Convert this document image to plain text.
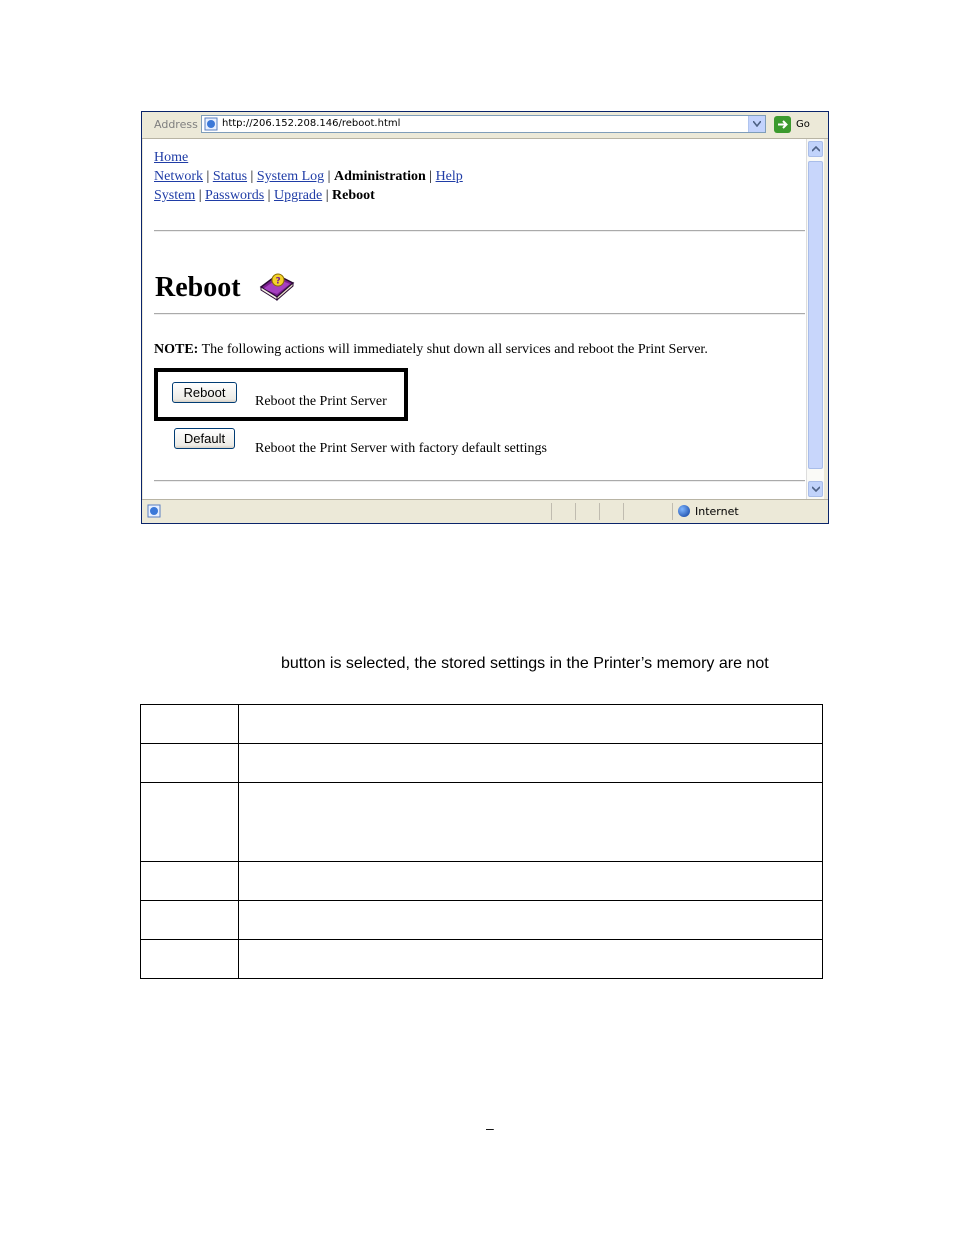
Address http://206.152.208.146/reboot.html	Go
Home
Network | Status | System Log | Administration | Help
System | Passwords | Upgrade | Reboot
Reboot	?
NOTE: The following actions will immediately shut down all services and reboot the Print Server.
Reboot
Reboot the Print Server
Default
Reboot the Print Server with factory default settings
Internet
button is selected, the stored settings in the Printer’s memory are not

–
